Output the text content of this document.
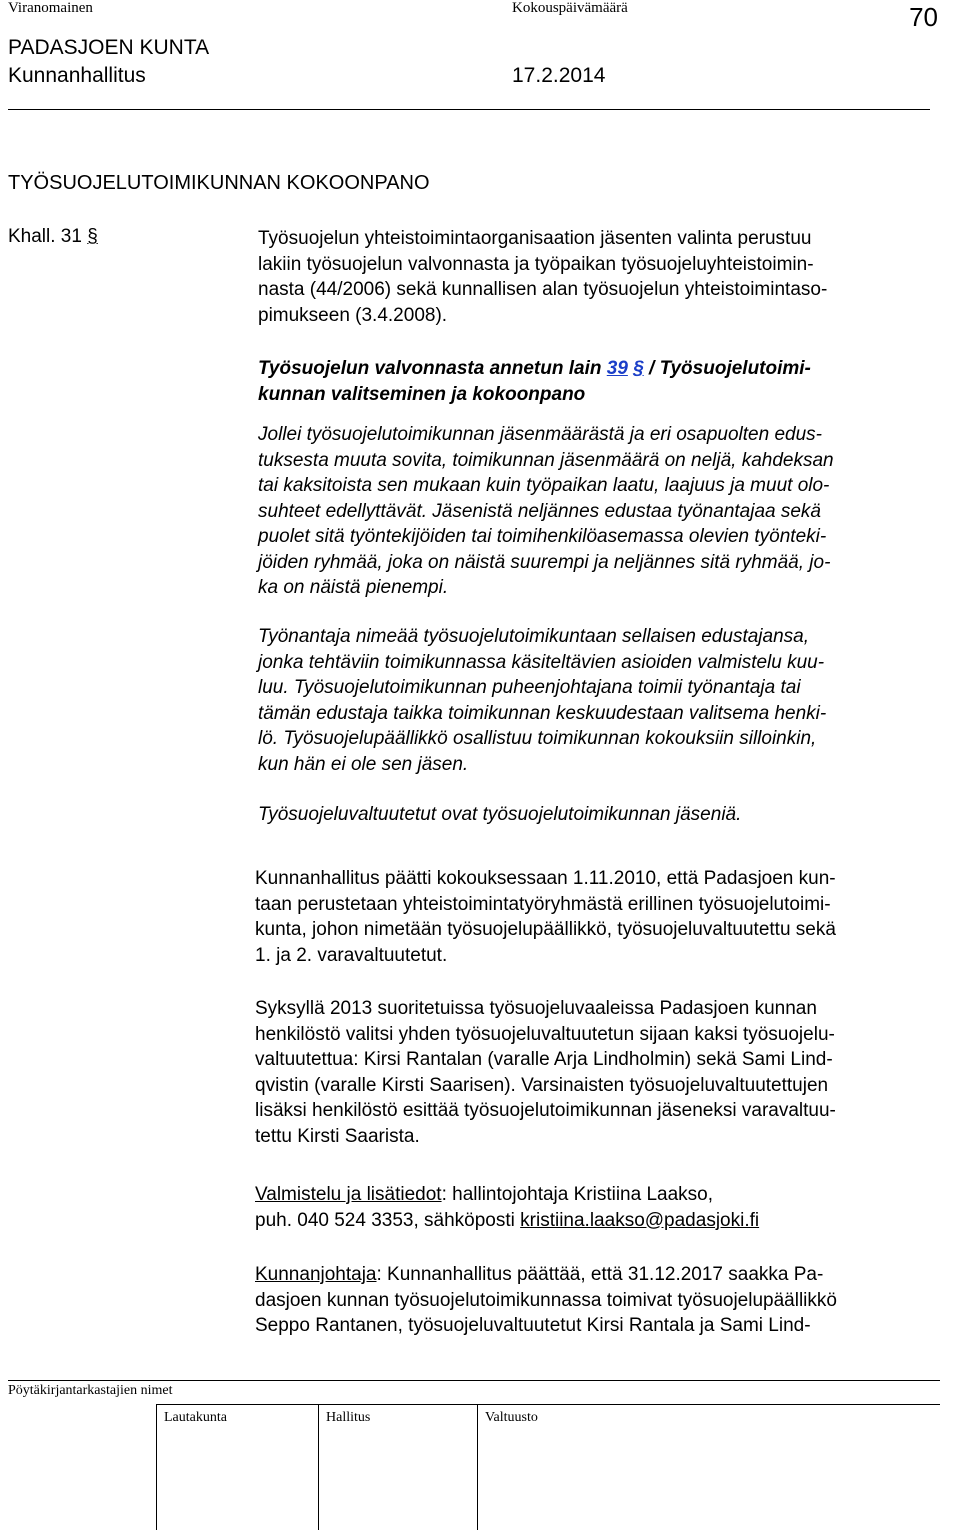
Viranomainen	Kokouspäivämäärä	70
PADASJOEN KUNTA
Kunnanhallitus	17.2.2014
TYÖSUOJELUTOIMIKUNNAN KOKOONPANO
Khall. 31 §	Työsuojelun yhteistoimintaorganisaation jäsenten valinta perustuu
lakiin työsuojelun valvonnasta ja työpaikan työsuojeluyhteistoimin-
nasta (44/2006) sekä kunnallisen alan työsuojelun yhteistoimintaso-
pimukseen (3.4.2008).
Työsuojelun valvonnasta annetun lain 39 § / Työsuojelutoimi-
kunnan valitseminen ja kokoonpano
Jollei työsuojelutoimikunnan jäsenmäärästä ja eri osapuolten edus-
tuksesta muuta sovita, toimikunnan jäsenmäärä on neljä, kahdeksan
tai kaksitoista sen mukaan kuin työpaikan laatu, laajuus ja muut olo-
suhteet edellyttävät. Jäsenistä neljännes edustaa työnantajaa sekä
puolet sitä työntekijöiden tai toimihenkilöasemassa olevien työnteki-
jöiden ryhmää, joka on näistä suurempi ja neljännes sitä ryhmää, jo-
ka on näistä pienempi.
Työnantaja nimeää työsuojelutoimikuntaan sellaisen edustajansa,
jonka tehtäviin toimikunnassa käsiteltävien asioiden valmistelu kuu-
luu. Työsuojelutoimikunnan puheenjohtajana toimii työnantaja tai
tämän edustaja taikka toimikunnan keskuudestaan valitsema henki-
lö. Työsuojelupäällikkö osallistuu toimikunnan kokouksiin silloinkin,
kun hän ei ole sen jäsen.
Työsuojeluvaltuutetut ovat työsuojelutoimikunnan jäseniä.
Kunnanhallitus päätti kokouksessaan 1.11.2010, että Padasjoen kun-
taan perustetaan yhteistoimintatyöryhmästä erillinen työsuojelutoimi-
kunta, johon nimetään työsuojelupäällikkö, työsuojeluvaltuutettu sekä
1. ja 2. varavaltuutetut.
Syksyllä 2013 suoritetuissa työsuojeluvaaleissa Padasjoen kunnan
henkilöstö valitsi yhden työsuojeluvaltuutetun sijaan kaksi työsuojelu-
valtuutettua: Kirsi Rantalan (varalle Arja Lindholmin) sekä Sami Lind-
qvistin (varalle Kirsti Saarisen). Varsinaisten työsuojeluvaltuutettujen
lisäksi henkilöstö esittää työsuojelutoimikunnan jäseneksi varavaltuu-
tettu Kirsti Saarista.
Valmistelu ja lisätiedot: hallintojohtaja Kristiina Laakso,
puh. 040 524 3353, sähköposti kristiina.laakso@padasjoki.fi
Kunnanjohtaja: Kunnanhallitus päättää, että 31.12.2017 saakka Pa-
dasjoen kunnan työsuojelutoimikunnassa toimivat työsuojelupäällikkö
Seppo Rantanen, työsuojeluvaltuutetut Kirsi Rantala ja Sami Lind-
Pöytäkirjantarkastajien nimet
Lautakunta	Hallitus	Valtuusto
